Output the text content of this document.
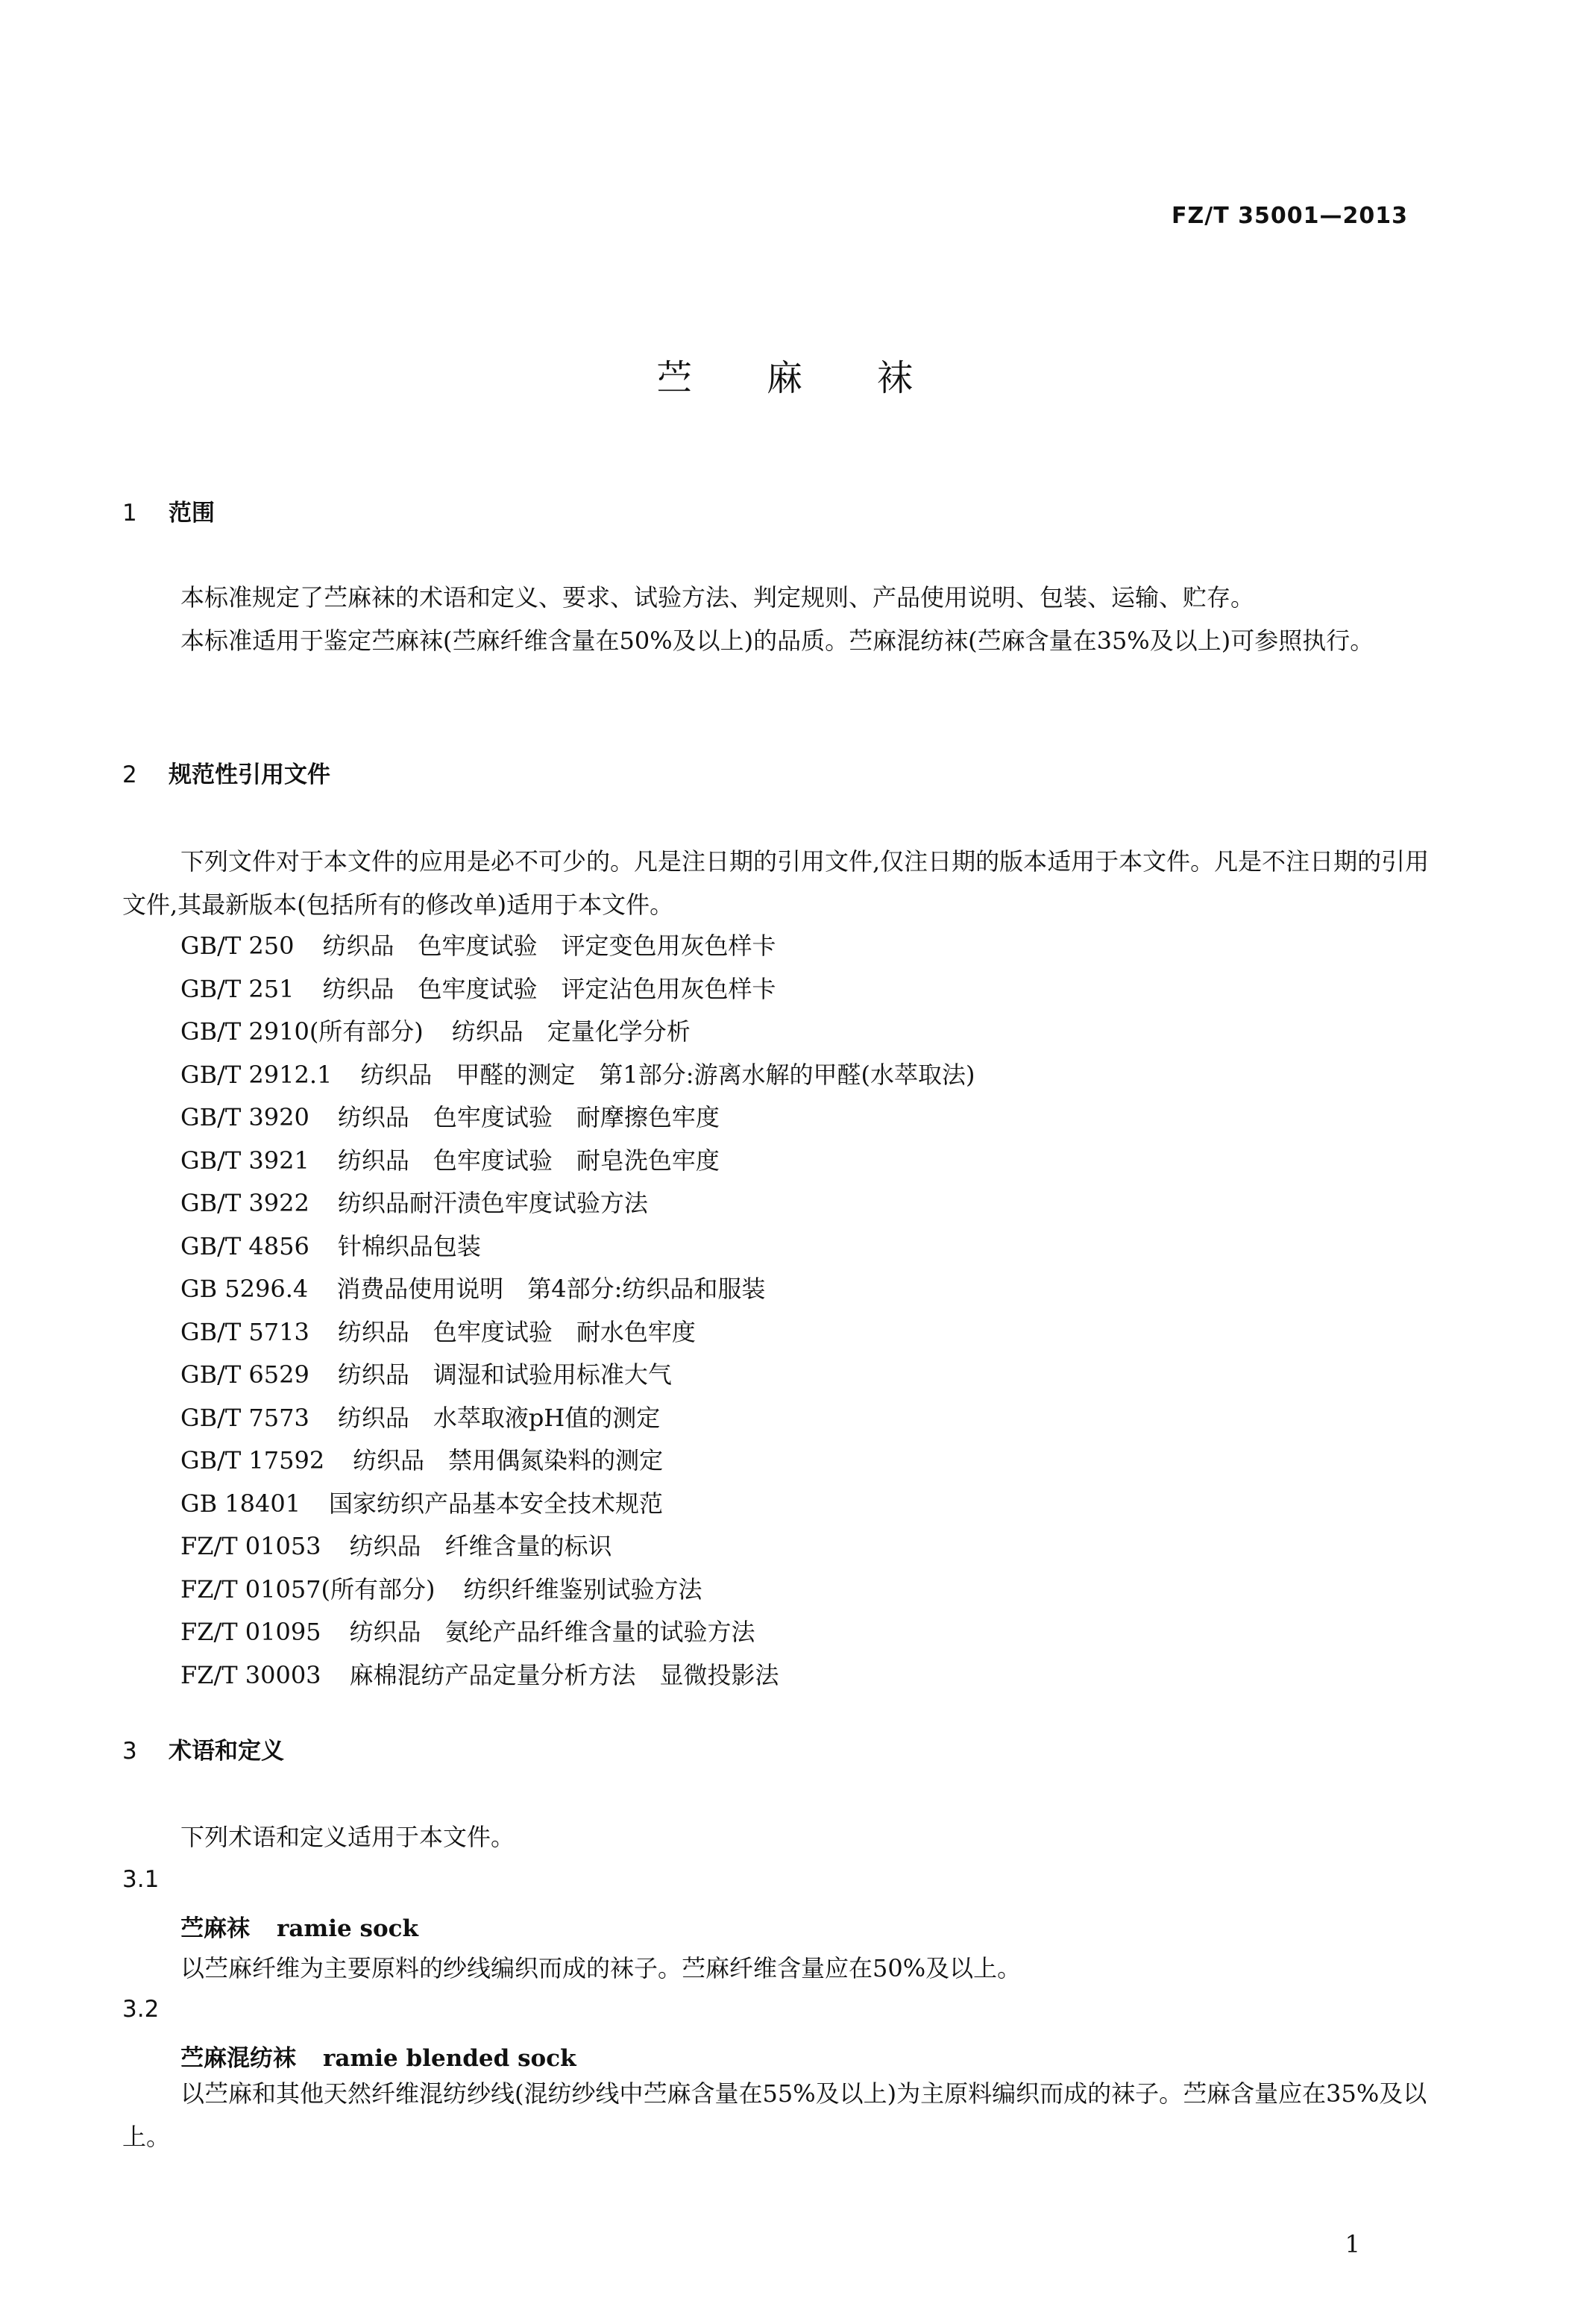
FZ/T 35001—2013
苎麻袜
1 范围
本标准规定了苎麻袜的术语和定义、要求、试验方法、判定规则、产品使用说明、包装、运输、贮存。
本标准适用于鉴定苎麻袜(苎麻纤维含量在50%及以上)的品质。苎麻混纺袜(苎麻含量在35%及以上)可参照执行。
2 规范性引用文件
下列文件对于本文件的应用是必不可少的。凡是注日期的引用文件,仅注日期的版本适用于本文件。凡是不注日期的引用文件,其最新版本(包括所有的修改单)适用于本文件。
GB/T 250 纺织品　色牢度试验　评定变色用灰色样卡
GB/T 251 纺织品　色牢度试验　评定沾色用灰色样卡
GB/T 2910(所有部分) 纺织品　定量化学分析
GB/T 2912.1 纺织品　甲醛的测定　第1部分:游离水解的甲醛(水萃取法)
GB/T 3920 纺织品　色牢度试验　耐摩擦色牢度
GB/T 3921 纺织品　色牢度试验　耐皂洗色牢度
GB/T 3922 纺织品耐汗渍色牢度试验方法
GB/T 4856 针棉织品包装
GB 5296.4 消费品使用说明　第4部分:纺织品和服装
GB/T 5713 纺织品　色牢度试验　耐水色牢度
GB/T 6529 纺织品　调湿和试验用标准大气
GB/T 7573 纺织品　水萃取液pH值的测定
GB/T 17592 纺织品　禁用偶氮染料的测定
GB 18401 国家纺织产品基本安全技术规范
FZ/T 01053 纺织品　纤维含量的标识
FZ/T 01057(所有部分) 纺织纤维鉴别试验方法
FZ/T 01095 纺织品　氨纶产品纤维含量的试验方法
FZ/T 30003 麻棉混纺产品定量分析方法　显微投影法
3 术语和定义
下列术语和定义适用于本文件。
3.1
苎麻袜 ramie sock
以苎麻纤维为主要原料的纱线编织而成的袜子。苎麻纤维含量应在50%及以上。
3.2
苎麻混纺袜 ramie blended sock
以苎麻和其他天然纤维混纺纱线(混纺纱线中苎麻含量在55%及以上)为主原料编织而成的袜子。苎麻含量应在35%及以上。
1
